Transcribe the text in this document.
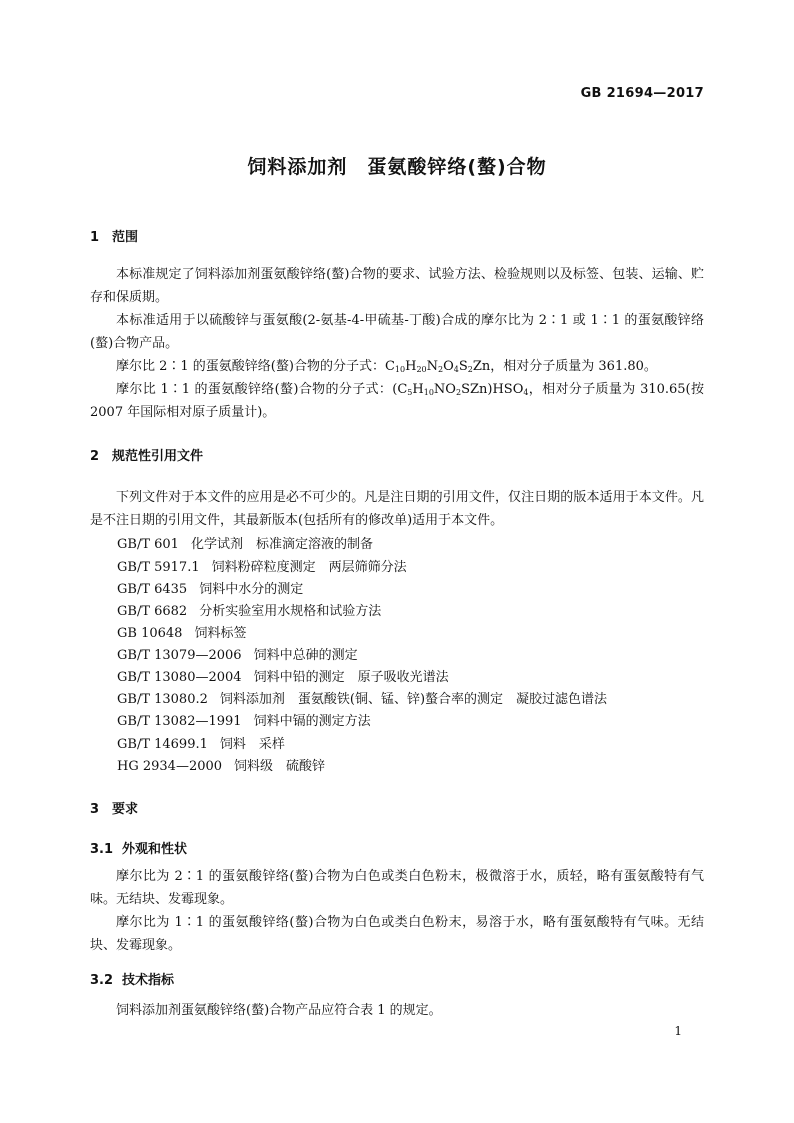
GB 21694—2017
饲料添加剂　蛋氨酸锌络(螯)合物
1 范围
本标准规定了饲料添加剂蛋氨酸锌络(螯)合物的要求、试验方法、检验规则以及标签、包装、运输、贮存和保质期。
本标准适用于以硫酸锌与蛋氨酸(2-氨基-4-甲硫基-丁酸)合成的摩尔比为 2∶1 或 1∶1 的蛋氨酸锌络(螯)合物产品。
摩尔比 2∶1 的蛋氨酸锌络(螯)合物的分子式：$C_{10}H_{20}N_2O_4S_2Zn$，相对分子质量为 361.80。
摩尔比 1∶1 的蛋氨酸锌络(螯)合物的分子式：$(C_5H_{10}NO_2SZn)HSO_4$，相对分子质量为 310.65(按 2007 年国际相对原子质量计)。
2 规范性引用文件
下列文件对于本文件的应用是必不可少的。凡是注日期的引用文件，仅注日期的版本适用于本文件。凡是不注日期的引用文件，其最新版本(包括所有的修改单)适用于本文件。
GB/T 601 化学试剂　标准滴定溶液的制备
GB/T 5917.1 饲料粉碎粒度测定　两层筛筛分法
GB/T 6435 饲料中水分的测定
GB/T 6682 分析实验室用水规格和试验方法
GB 10648 饲料标签
GB/T 13079—2006 饲料中总砷的测定
GB/T 13080—2004 饲料中铅的测定　原子吸收光谱法
GB/T 13080.2 饲料添加剂　蛋氨酸铁(铜、锰、锌)螯合率的测定　凝胶过滤色谱法
GB/T 13082—1991 饲料中镉的测定方法
GB/T 14699.1 饲料　采样
HG 2934—2000 饲料级　硫酸锌
3 要求
3.1 外观和性状
摩尔比为 2∶1 的蛋氨酸锌络(螯)合物为白色或类白色粉末，极微溶于水，质轻，略有蛋氨酸特有气味。无结块、发霉现象。
摩尔比为 1∶1 的蛋氨酸锌络(螯)合物为白色或类白色粉末，易溶于水，略有蛋氨酸特有气味。无结块、发霉现象。
3.2 技术指标
饲料添加剂蛋氨酸锌络(螯)合物产品应符合表 1 的规定。
1
